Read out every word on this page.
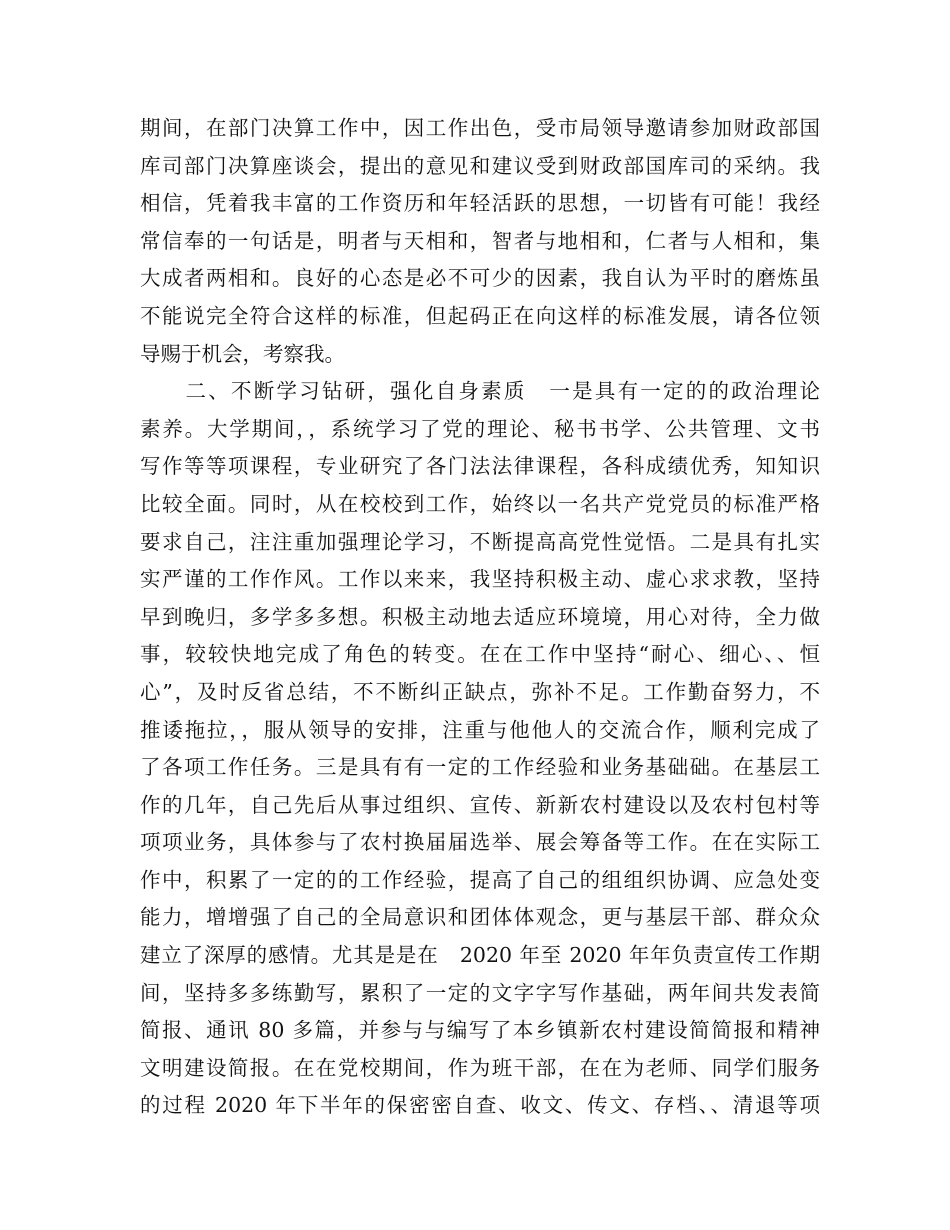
期间，在部门决算工作中，因工作出色，受市局领导邀请参加财政部国
库司部门决算座谈会，提出的意见和建议受到财政部国库司的采纳。我
相信，凭着我丰富的工作资历和年轻活跃的思想，一切皆有可能！我经
常信奉的一句话是，明者与天相和，智者与地相和，仁者与人相和，集
大成者两相和。良好的心态是必不可少的因素，我自认为平时的磨炼虽
不能说完全符合这样的标准，但起码正在向这样的标准发展，请各位领
导赐于机会，考察我。
　　二、不断学习钻研，强化自身素质　一是具有一定的的政治理论
素养。大学期间，，系统学习了党的理论、秘书书学、公共管理、文书
写作等等项课程，专业研究了各门法法律课程，各科成绩优秀，知知识
比较全面。同时，从在校校到工作，始终以一名共产党党员的标准严格
要求自己，注注重加强理论学习，不断提高高党性觉悟。二是具有扎实
实严谨的工作作风。工作以来来，我坚持积极主动、虚心求求教，坚持
早到晚归，多学多多想。积极主动地去适应环境境，用心对待，全力做
事，较较快地完成了角色的转变。在在工作中坚持“耐心、细心、、恒
心”，及时反省总结，不不断纠正缺点，弥补不足。工作勤奋努力，不
推诿拖拉，，服从领导的安排，注重与他他人的交流合作，顺利完成了
了各项工作任务。三是具有有一定的工作经验和业务基础础。在基层工
作的几年，自己先后从事过组织、宣传、新新农村建设以及农村包村等
项项业务，具体参与了农村换届届选举、展会筹备等工作。在在实际工
作中，积累了一定的的工作经验，提高了自己的组组织协调、应急处变
能力，增增强了自己的全局意识和团体体观念，更与基层干部、群众众
建立了深厚的感情。尤其是是在　2020 年至 2020 年年负责宣传工作期
间，坚持多多练勤写，累积了一定的文字字写作基础，两年间共发表简
简报、通讯 80 多篇，并参与与编写了本乡镇新农村建设简简报和精神
文明建设简报。在在党校期间，作为班干部，在在为老师、同学们服务
的过程 2020 年下半年的保密密自查、收文、传文、存档、、清退等项
